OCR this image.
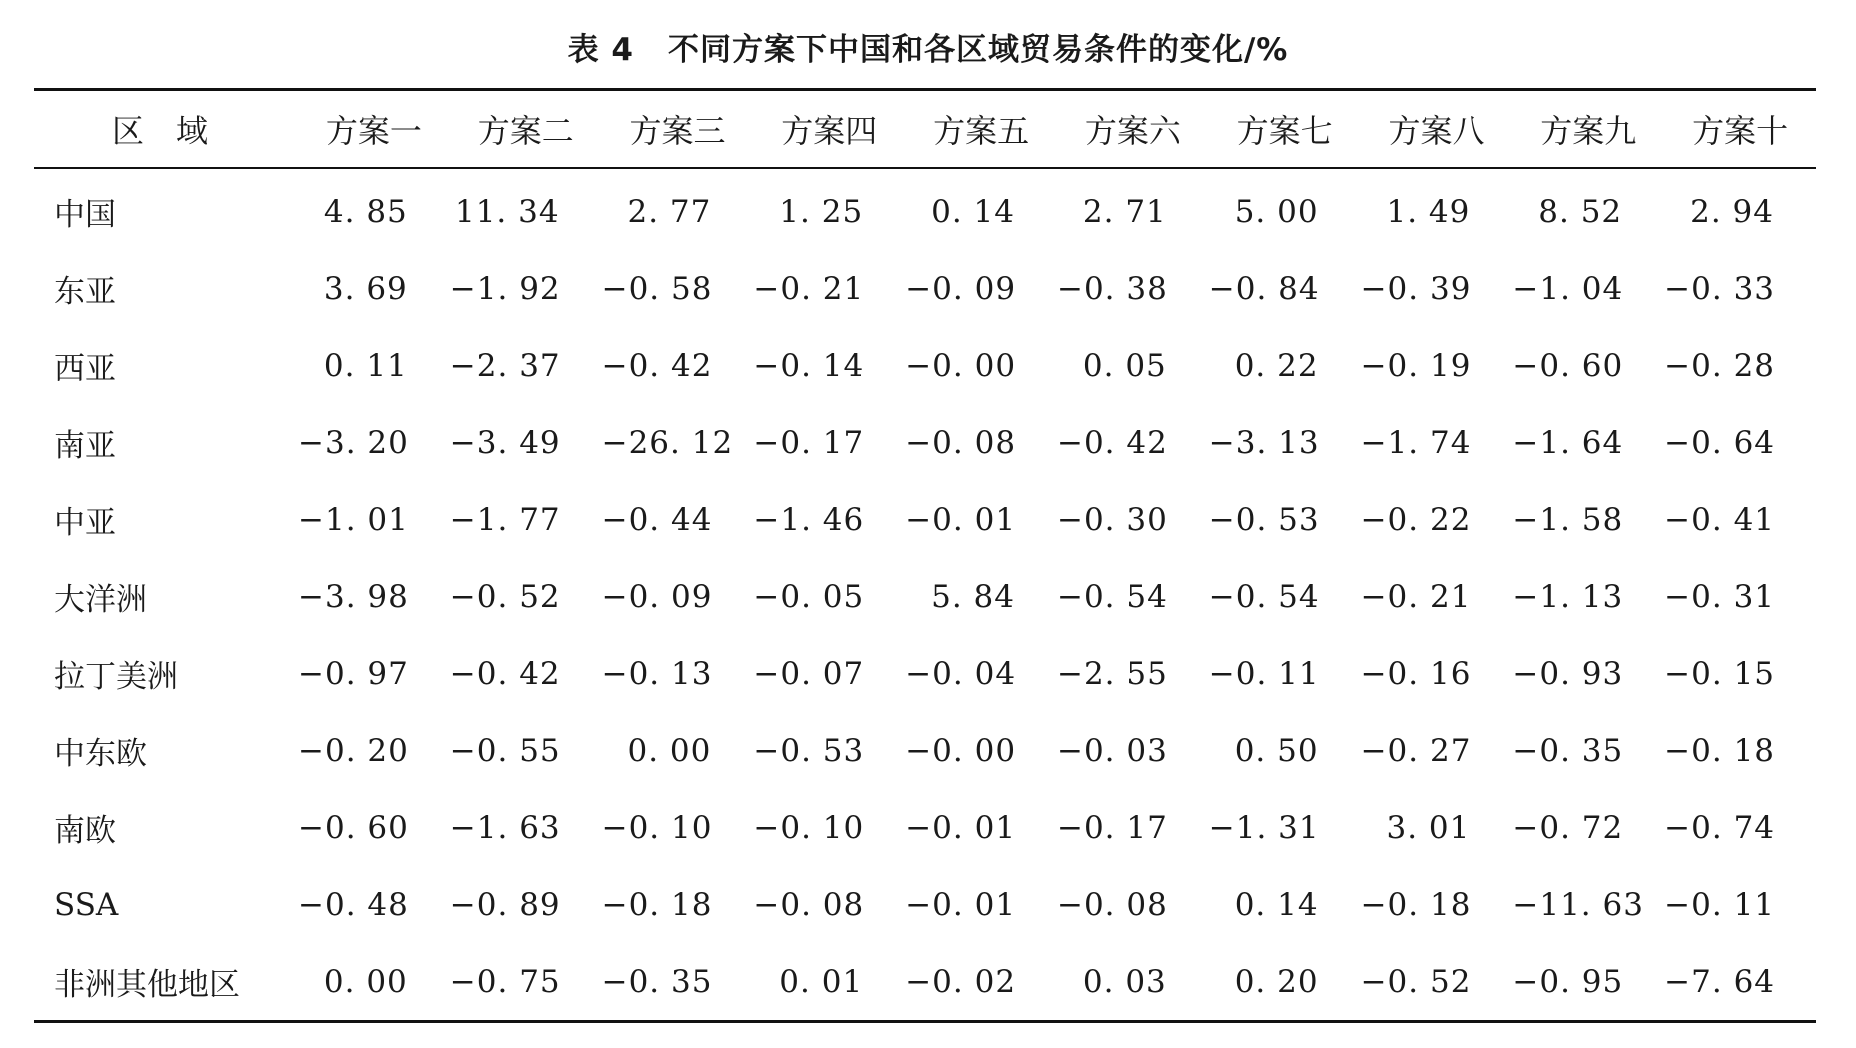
表 4 不同方案下中国和各区域贸易条件的变化/%
区　域	方案一	方案二	方案三	方案四	方案五	方案六	方案七	方案八	方案九	方案十
中国	4. 85	11. 34	2. 77	1. 25	0. 14	2. 71	5. 00	1. 49	8. 52	2. 94
东亚	3. 69	−1. 92	−0. 58	−0. 21	−0. 09	−0. 38	−0. 84	−0. 39	−1. 04	−0. 33
西亚	0. 11	−2. 37	−0. 42	−0. 14	−0. 00	0. 05	0. 22	−0. 19	−0. 60	−0. 28
南亚	−3. 20	−3. 49	−26. 12	−0. 17	−0. 08	−0. 42	−3. 13	−1. 74	−1. 64	−0. 64
中亚	−1. 01	−1. 77	−0. 44	−1. 46	−0. 01	−0. 30	−0. 53	−0. 22	−1. 58	−0. 41
大洋洲	−3. 98	−0. 52	−0. 09	−0. 05	5. 84	−0. 54	−0. 54	−0. 21	−1. 13	−0. 31
拉丁美洲	−0. 97	−0. 42	−0. 13	−0. 07	−0. 04	−2. 55	−0. 11	−0. 16	−0. 93	−0. 15
中东欧	−0. 20	−0. 55	0. 00	−0. 53	−0. 00	−0. 03	0. 50	−0. 27	−0. 35	−0. 18
南欧	−0. 60	−1. 63	−0. 10	−0. 10	−0. 01	−0. 17	−1. 31	3. 01	−0. 72	−0. 74
SSA	−0. 48	−0. 89	−0. 18	−0. 08	−0. 01	−0. 08	0. 14	−0. 18	−11. 63	−0. 11
非洲其他地区	0. 00	−0. 75	−0. 35	0. 01	−0. 02	0. 03	0. 20	−0. 52	−0. 95	−7. 64
